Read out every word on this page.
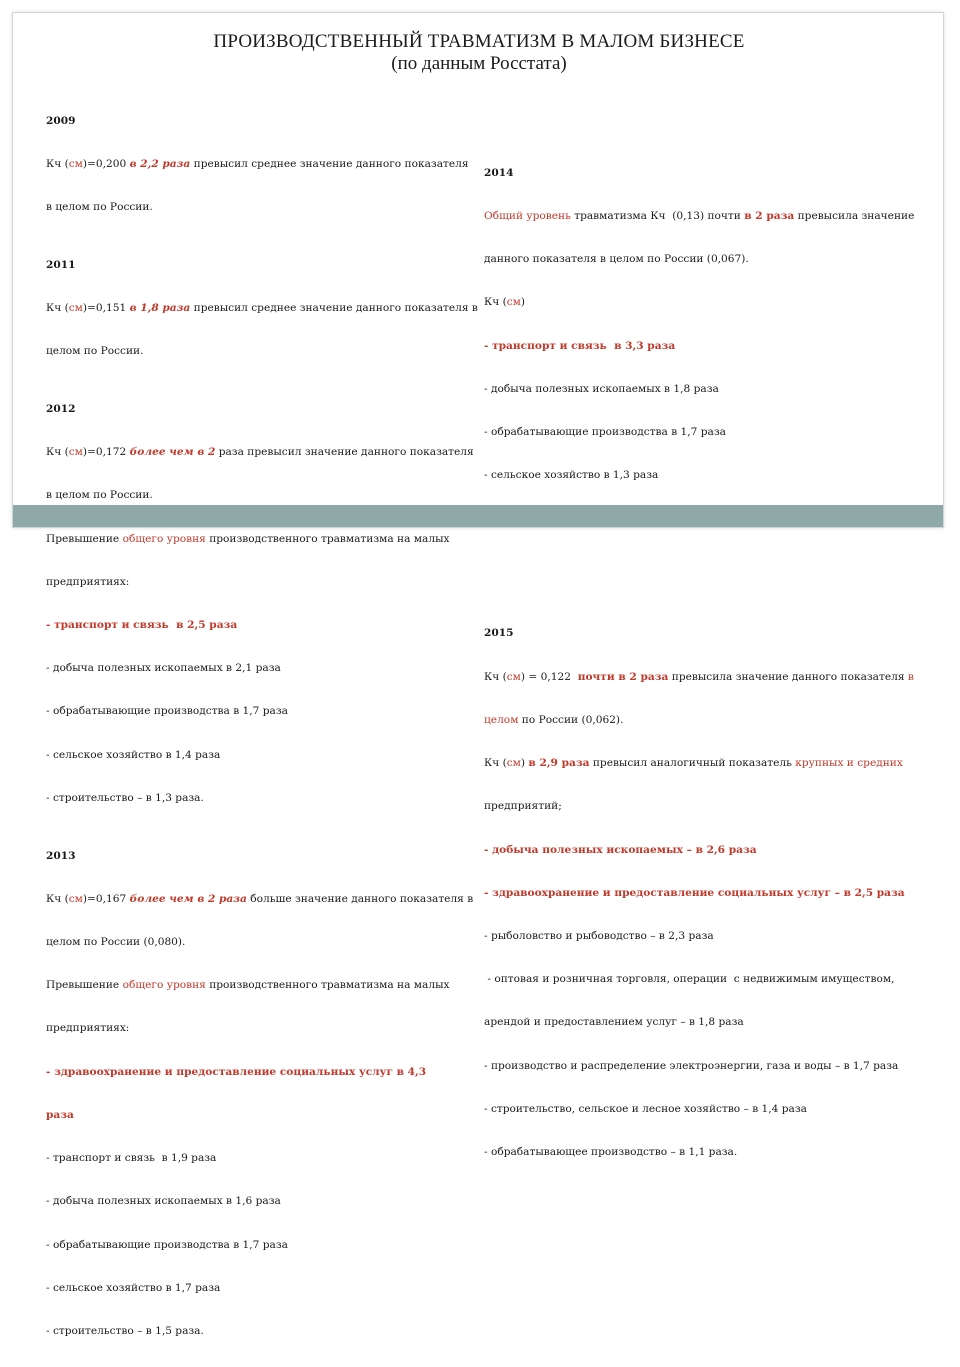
ПРОИЗВОДСТВЕННЫЙ ТРАВМАТИЗМ В МАЛОМ БИЗНЕСЕ
(по данным Росстата)

2009

Кч (см)=0,200 в 2,2 раза превысил среднее значение данного показателя

в целом по России.

2011

Кч (см)=0,151 в 1,8 раза превысил среднее значение данного показателя в

целом по России.

2012

Кч (см)=0,172 более чем в 2 раза превысил значение данного показателя

в целом по России.

Превышение общего уровня производственного травматизма на малых

предприятиях:

- транспорт и связь  в 2,5 раза

- добыча полезных ископаемых в 2,1 раза

- обрабатывающие производства в 1,7 раза

- сельское хозяйство в 1,4 раза

- строительство – в 1,3 раза.

2013

Кч (см)=0,167 более чем в 2 раза больше значение данного показателя в

целом по России (0,080).

Превышение общего уровня производственного травматизма на малых

предприятиях:

- здравоохранение и предоставление социальных услуг в 4,3

раза

- транспорт и связь  в 1,9 раза

- добыча полезных ископаемых в 1,6 раза

- обрабатывающие производства в 1,7 раза

- сельское хозяйство в 1,7 раза

- строительство – в 1,5 раза.

2014

Общий уровень травматизма Кч  (0,13) почти в 2 раза превысила значение

данного показателя в целом по России (0,067).

Кч (см)

- транспорт и связь  в 3,3 раза

- добыча полезных ископаемых в 1,8 раза

- обрабатывающие производства в 1,7 раза

- сельское хозяйство в 1,3 раза

2015

Кч (см) = 0,122  почти в 2 раза превысила значение данного показателя в

целом по России (0,062).

Кч (см) в 2,9 раза превысил аналогичный показатель крупных и средних

предприятий;

- добыча полезных ископаемых – в 2,6 раза

- здравоохранение и предоставление социальных услуг – в 2,5 раза

- рыболовство и рыбоводство – в 2,3 раза

- оптовая и розничная торговля, операции  с недвижимым имуществом,

арендой и предоставлением услуг – в 1,8 раза

- производство и распределение электроэнергии, газа и воды – в 1,7 раза

- строительство, сельское и лесное хозяйство – в 1,4 раза

- обрабатывающее производство – в 1,1 раза.
